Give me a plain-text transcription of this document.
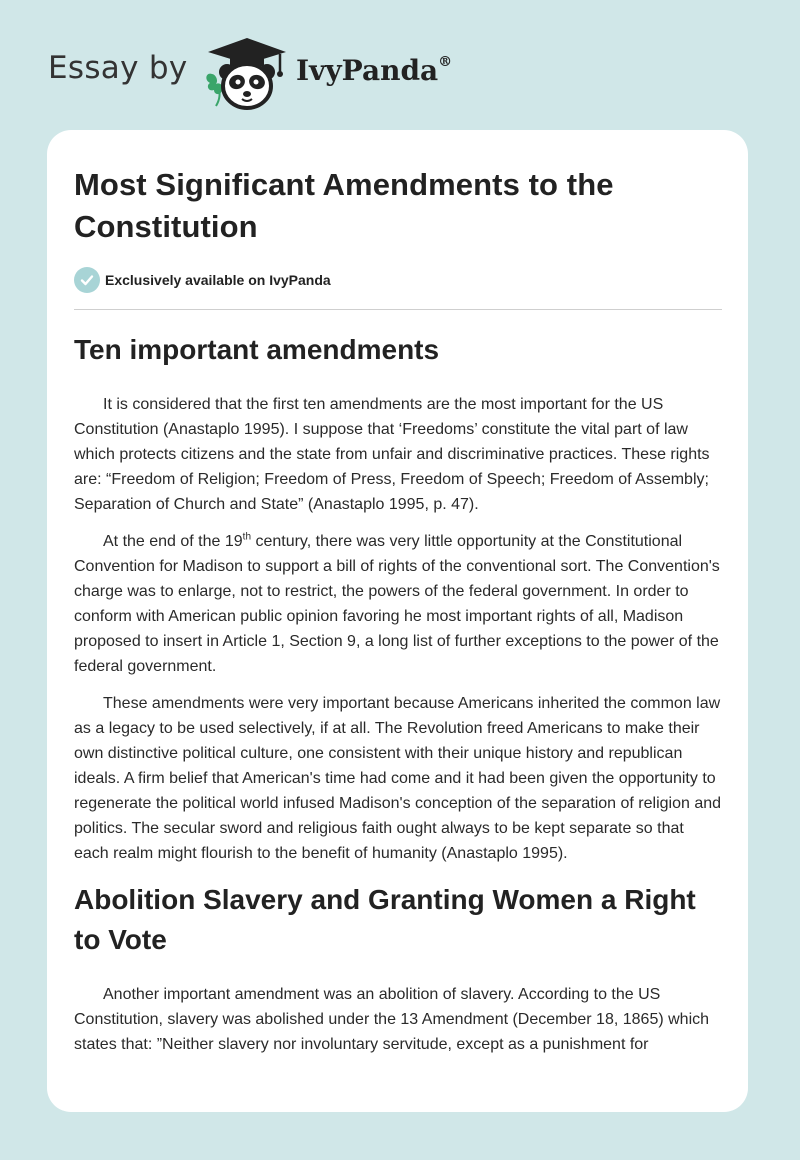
Essay by	IvyPanda®
Most Significant Amendments to the Constitution
Exclusively available on IvyPanda
Ten important amendments

It is considered that the first ten amendments are the most important for the US Constitution (Anastaplo 1995). I suppose that ‘Freedoms’ constitute the vital part of law which protects citizens and the state from unfair and discriminative practices. These rights are: “Freedom of Religion; Freedom of Press, Freedom of Speech; Freedom of Assembly; Separation of Church and State” (Anastaplo 1995, p. 47).

At the end of the 19th century, there was very little opportunity at the Constitutional Convention for Madison to support a bill of rights of the conventional sort. The Convention's charge was to enlarge, not to restrict, the powers of the federal government. In order to conform with American public opinion favoring he most important rights of all, Madison proposed to insert in Article 1, Section 9, a long list of further exceptions to the power of the federal government.

These amendments were very important because Americans inherited the common law as a legacy to be used selectively, if at all. The Revolution freed Americans to make their own distinctive political culture, one consistent with their unique history and republican ideals. A firm belief that American's time had come and it had been given the opportunity to regenerate the political world infused Madison's conception of the separation of religion and politics. The secular sword and religious faith ought always to be kept separate so that each realm might flourish to the benefit of humanity (Anastaplo 1995).

Abolition Slavery and Granting Women a Right to Vote

Another important amendment was an abolition of slavery. According to the US Constitution, slavery was abolished under the 13 Amendment (December 18, 1865) which states that: ”Neither slavery nor involuntary servitude, except as a punishment for
